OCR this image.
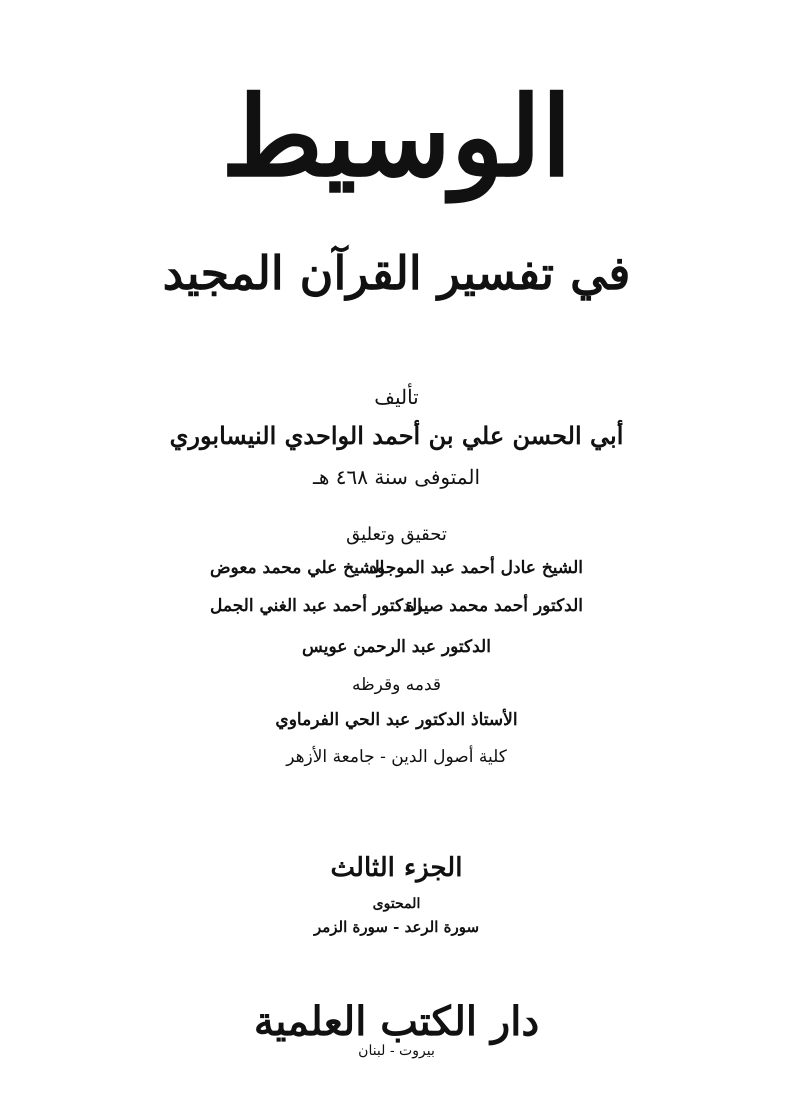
الوسيط
في تفسير القرآن المجيد
تأليف
أبي الحسن علي بن أحمد الواحدي النيسابوري
المتوفى سنة ٤٦٨ هـ
تحقيق وتعليق
الشيخ عادل أحمد عبد الموجود
الشيخ علي محمد معوض
الدكتور أحمد محمد صيرة
الدكتور أحمد عبد الغني الجمل
الدكتور عبد الرحمن عويس
قدمه وقرظه
الأستاذ الدكتور عبد الحي الفرماوي
كلية أصول الدين - جامعة الأزهر
الجزء الثالث
المحتوى
سورة الرعد - سورة الزمر
دار الكتب العلمية
بيروت - لبنان
